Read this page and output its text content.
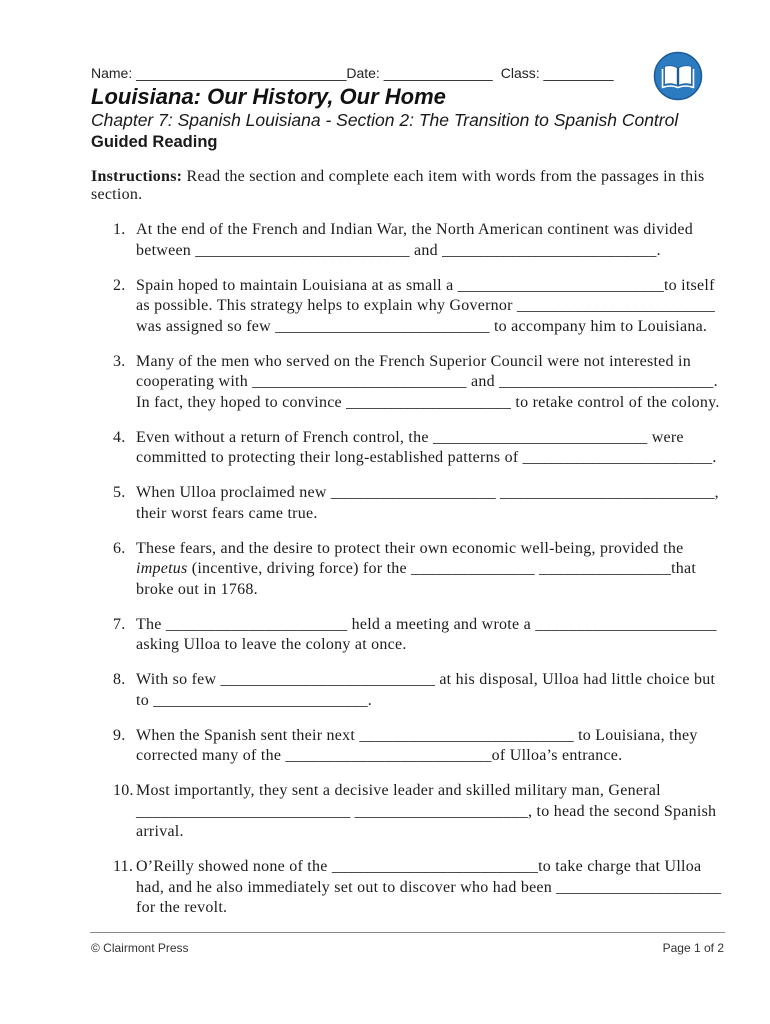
Name: ___________________________Date: ______________ Class: _________
Louisiana: Our History, Our Home
Chapter 7: Spanish Louisiana - Section 2: The Transition to Spanish Control
Guided Reading
Instructions: Read the section and complete each item with words from the passages in this
section.
1. At the end of the French and Indian War, the North American continent was divided
between __________________________ and __________________________.
2. Spain hoped to maintain Louisiana at as small a _________________________to itself
as possible. This strategy helps to explain why Governor ________________________
was assigned so few __________________________ to accompany him to Louisiana.
3. Many of the men who served on the French Superior Council were not interested in
cooperating with __________________________ and __________________________.
In fact, they hoped to convince ____________________ to retake control of the colony.
4. Even without a return of French control, the __________________________ were
committed to protecting their long-established patterns of _______________________.
5. When Ulloa proclaimed new ____________________ __________________________,
their worst fears came true.
6. These fears, and the desire to protect their own economic well-being, provided the
impetus (incentive, driving force) for the _______________ ________________that
broke out in 1768.
7. The ______________________ held a meeting and wrote a ______________________
asking Ulloa to leave the colony at once.
8. With so few __________________________ at his disposal, Ulloa had little choice but
to __________________________.
9. When the Spanish sent their next __________________________ to Louisiana, they
corrected many of the _________________________of Ulloa’s entrance.
10. Most importantly, they sent a decisive leader and skilled military man, General
__________________________ _____________________, to head the second Spanish
arrival.
11. O’Reilly showed none of the _________________________to take charge that Ulloa
had, and he also immediately set out to discover who had been ____________________
for the revolt.
© Clairmont Press	Page 1 of 2
